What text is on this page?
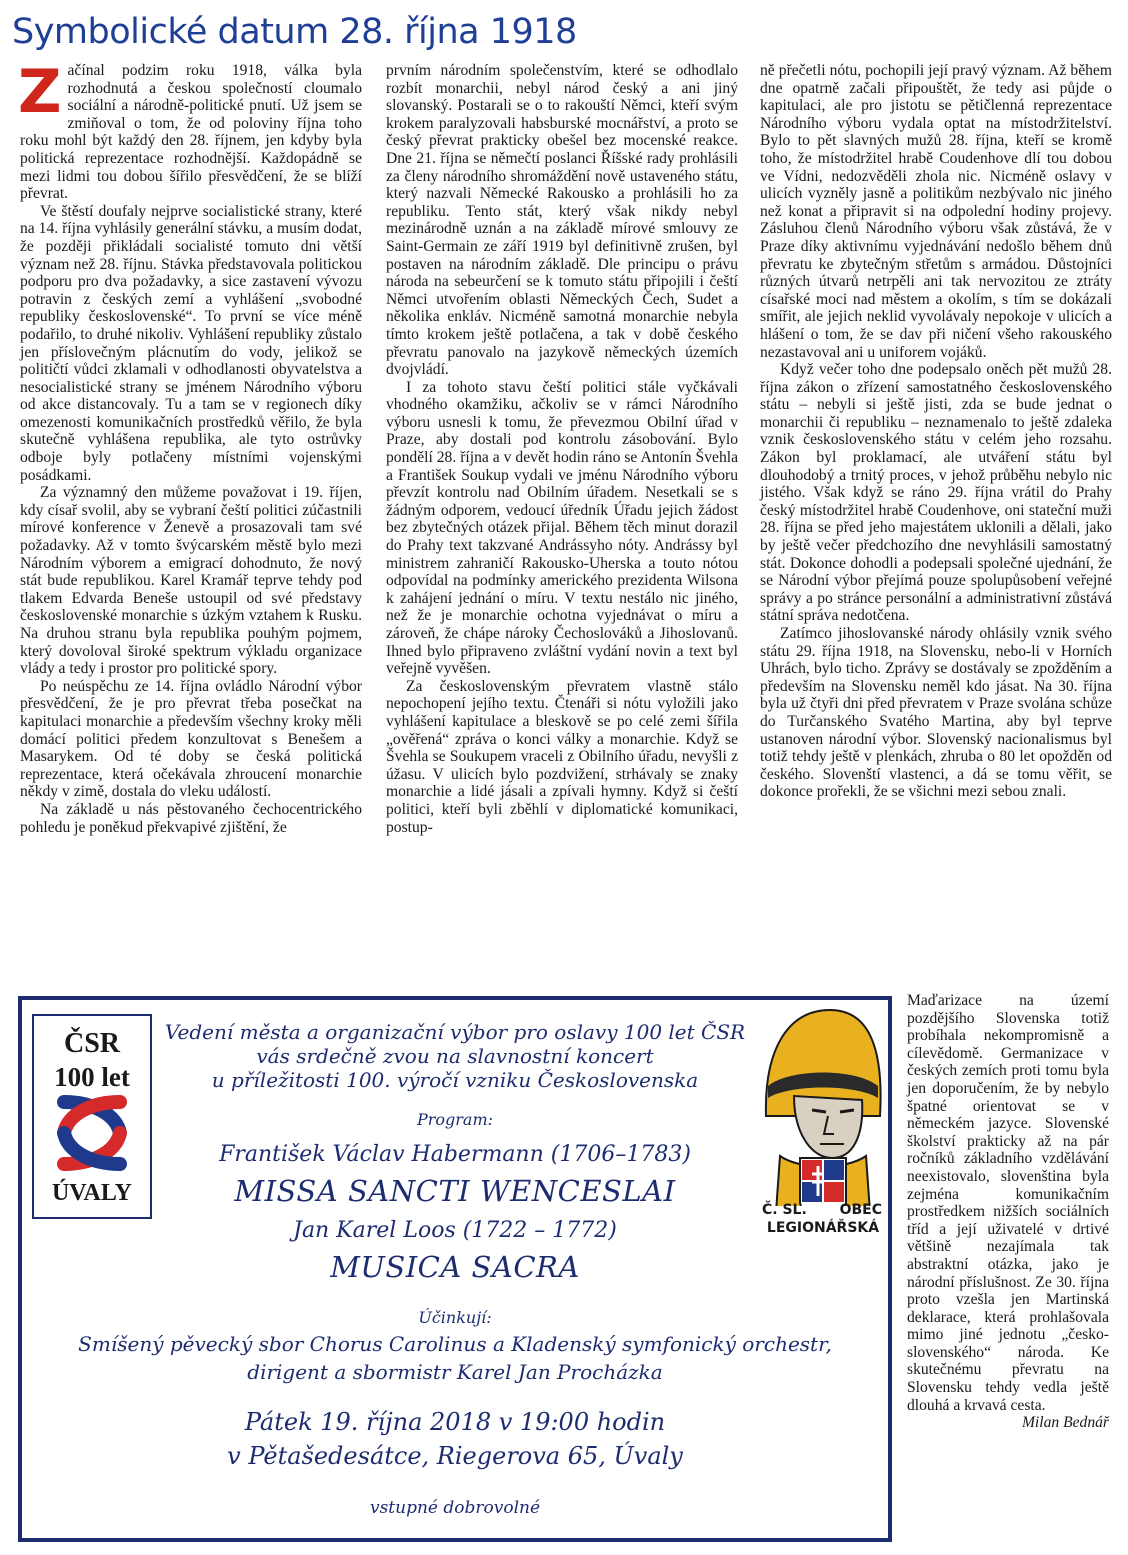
Symbolické datum 28. října 1918

Začínal podzim roku 1918, válka byla rozhodnutá a českou společností cloumalo sociální a národně-politické pnutí. Už jsem se zmiňoval o tom, že od poloviny října toho roku mohl být každý den 28. říjnem, jen kdyby byla politická reprezentace rozhodnější. Každopádně se mezi lidmi tou dobou šířilo přesvědčení, že se blíží převrat.

Ve štěstí doufaly nejprve socialistické strany, které na 14. října vyhlásily generální stávku, a musím dodat, že později přikládali socialisté tomuto dni větší význam než 28. říjnu. Stávka představovala politickou podporu pro dva požadavky, a sice zastavení vývozu potravin z českých zemí a vyhlášení „svobodné republiky československé“. To první se více méně podařilo, to druhé nikoliv. Vyhlášení republiky zůstalo jen příslovečným plácnutím do vody, jelikož se političtí vůdci zklamali v odhodlanosti obyvatelstva a nesocialistické strany se jménem Národního výboru od akce distancovaly. Tu a tam se v regionech díky omezenosti komunikačních prostředků věřilo, že byla skutečně vyhlášena republika, ale tyto ostrůvky odboje byly potlačeny místními vojenskými posádkami.

Za významný den můžeme považovat i 19. říjen, kdy císař svolil, aby se vybraní čeští politici zúčastnili mírové konference v Ženevě a prosazovali tam své požadavky. Až v tomto švýcarském městě bylo mezi Národním výborem a emigrací dohodnuto, že nový stát bude republikou. Karel Kramář teprve tehdy pod tlakem Edvarda Beneše ustoupil od své představy československé monarchie s úzkým vztahem k Rusku. Na druhou stranu byla republika pouhým pojmem, který dovoloval široké spektrum výkladu organizace vlády a tedy i prostor pro politické spory.

Po neúspěchu ze 14. října ovládlo Národní výbor přesvědčení, že je pro převrat třeba posečkat na kapitulaci monarchie a především všechny kroky měli domácí politici předem konzultovat s Benešem a Masarykem. Od té doby se česká politická reprezentace, která očekávala zhroucení monarchie někdy v zimě, dostala do vleku událostí.

Na základě u nás pěstovaného čechocentrického pohledu je poněkud překvapivé zjištění, že

prvním národním společenstvím, které se odhodlalo rozbít monarchii, nebyl národ český a ani jiný slovanský. Postarali se o to rakouští Němci, kteří svým krokem paralyzovali habsburské mocnářství, a proto se český převrat prakticky obešel bez mocenské reakce. Dne 21. října se němečtí poslanci Říšské rady prohlásili za členy národního shromáždění nově ustaveného státu, který nazvali Německé Rakousko a prohlásili ho za republiku. Tento stát, který však nikdy nebyl mezinárodně uznán a na základě mírové smlouvy ze Saint-Germain ze září 1919 byl definitivně zrušen, byl postaven na národním základě. Dle principu o právu národa na sebeurčení se k tomuto státu připojili i čeští Němci utvořením oblasti Německých Čech, Sudet a několika enkláv. Nicméně samotná monarchie nebyla tímto krokem ještě potlačena, a tak v době českého převratu panovalo na jazykově německých územích dvojvládí.

I za tohoto stavu čeští politici stále vyčkávali vhodného okamžiku, ačkoliv se v rámci Národního výboru usnesli k tomu, že převezmou Obilní úřad v Praze, aby dostali pod kontrolu zásobování. Bylo pondělí 28. října a v devět hodin ráno se Antonín Švehla a František Soukup vydali ve jménu Národního výboru převzít kontrolu nad Obilním úřadem. Nesetkali se s žádným odporem, vedoucí úředník Úřadu jejich žádost bez zbytečných otázek přijal. Během těch minut dorazil do Prahy text takzvané Andrássyho nóty. Andrássy byl ministrem zahraničí Rakousko-Uherska a touto nótou odpovídal na podmínky amerického prezidenta Wilsona k zahájení jednání o míru. V textu nestálo nic jiného, než že je monarchie ochotna vyjednávat o míru a zároveň, že chápe nároky Čechoslováků a Jihoslovanů. Ihned bylo připraveno zvláštní vydání novin a text byl veřejně vyvěšen.

Za československým převratem vlastně stálo nepochopení jejího textu. Čtenáři si nótu vyložili jako vyhlášení kapitulace a bleskově se po celé zemi šířila „ověřená“ zpráva o konci války a monarchie. Když se Švehla se Soukupem vraceli z Obilního úřadu, nevyšli z úžasu. V ulicích bylo pozdvižení, strhávaly se znaky monarchie a lidé jásali a zpívali hymny. Když si čeští politici, kteří byli zběhlí v diplomatické komunikaci, postup-

ně přečetli nótu, pochopili její pravý význam. Až během dne opatrně začali připouštět, že tedy asi půjde o kapitulaci, ale pro jistotu se pětičlenná reprezentace Národního výboru vydala optat na místodržitelství. Bylo to pět slavných mužů 28. října, kteří se kromě toho, že místodržitel hrabě Coudenhove dlí tou dobou ve Vídni, nedozvěděli zhola nic. Nicméně oslavy v ulicích vyzněly jasně a politikům nezbývalo nic jiného než konat a připravit si na odpolední hodiny projevy. Zásluhou členů Národního výboru však zůstává, že v Praze díky aktivnímu vyjednávání nedošlo během dnů převratu ke zbytečným střetům s armádou. Důstojníci různých útvarů netrpěli ani tak nervozitou ze ztráty císařské moci nad městem a okolím, s tím se dokázali smířit, ale jejich neklid vyvolávaly nepokoje v ulicích a hlášení o tom, že se dav při ničení všeho rakouského nezastavoval ani u uniforem vojáků.

Když večer toho dne podepsalo oněch pět mužů 28. října zákon o zřízení samostatného československého státu – nebyli si ještě jisti, zda se bude jednat o monarchii či republiku – neznamenalo to ještě zdaleka vznik československého státu v celém jeho rozsahu. Zákon byl proklamací, ale utváření státu byl dlouhodobý a trnitý proces, v jehož průběhu nebylo nic jistého. Však když se ráno 29. října vrátil do Prahy český místodržitel hrabě Coudenhove, oni stateční muži 28. října se před jeho majestátem uklonili a dělali, jako by ještě večer předchozího dne nevyhlásili samostatný stát. Dokonce dohodli a podepsali společné ujednání, že se Národní výbor přejímá pouze spolupůsobení veřejné správy a po stránce personální a administrativní zůstává státní správa nedotčena.

Zatímco jihoslovanské národy ohlásily vznik svého státu 29. října 1918, na Slovensku, nebo-li v Horních Uhrách, bylo ticho. Zprávy se dostávaly se zpožděním a především na Slovensku neměl kdo jásat. Na 30. října byla už čtyři dni před převratem v Praze svolána schůze do Turčanského Svatého Martina, aby byl teprve ustanoven národní výbor. Slovenský nacionalismus byl totiž tehdy ještě v plenkách, zhruba o 80 let opožděn od českého. Slovenští vlastenci, a dá se tomu věřit, se dokonce prořekli, že se všichni mezi sebou znali.

Maďarizace na území pozdějšího Slovenska totiž probíhala nekompromisně a cílevědomě. Germanizace v českých zemích proti tomu byla jen doporučením, že by nebylo špatné orientovat se v německém jazyce. Slovenské školství prakticky až na pár ročníků základního vzdělávání neexistovalo, slovenština byla zejména komunikačním prostředkem nižších sociálních tříd a její uživatelé v drtivé většině nezajímala tak abstraktní otázka, jako je národní příslušnost. Ze 30. října proto vzešla jen Martinská deklarace, která prohlašovala mimo jiné jednotu „česko-slovenského“ národa. Ke skutečnému převratu na Slovensku tehdy vedla ještě dlouhá a krvavá cesta.

Milan Bednář

ČSR
100 let
ÚVALY
Vedení města a organizační výbor pro oslavy 100 let ČSR
vás srdečně zvou na slavnostní koncert
u příležitosti 100. výročí vzniku Československa
Program:
František Václav Habermann (1706–1783)
MISSA SANCTI WENCESLAI
Jan Karel Loos (1722 – 1772)
MUSICA SACRA
Účinkují:
Smíšený pěvecký sbor Chorus Carolinus a Kladenský symfonický orchestr,
dirigent a sbormistr Karel Jan Procházka
Pátek 19. října 2018 v 19:00 hodin
v Pětašedesátce, Riegerova 65, Úvaly
vstupné dobrovolné
Č. SL. OBEC
LEGIONÁŘSKÁ
